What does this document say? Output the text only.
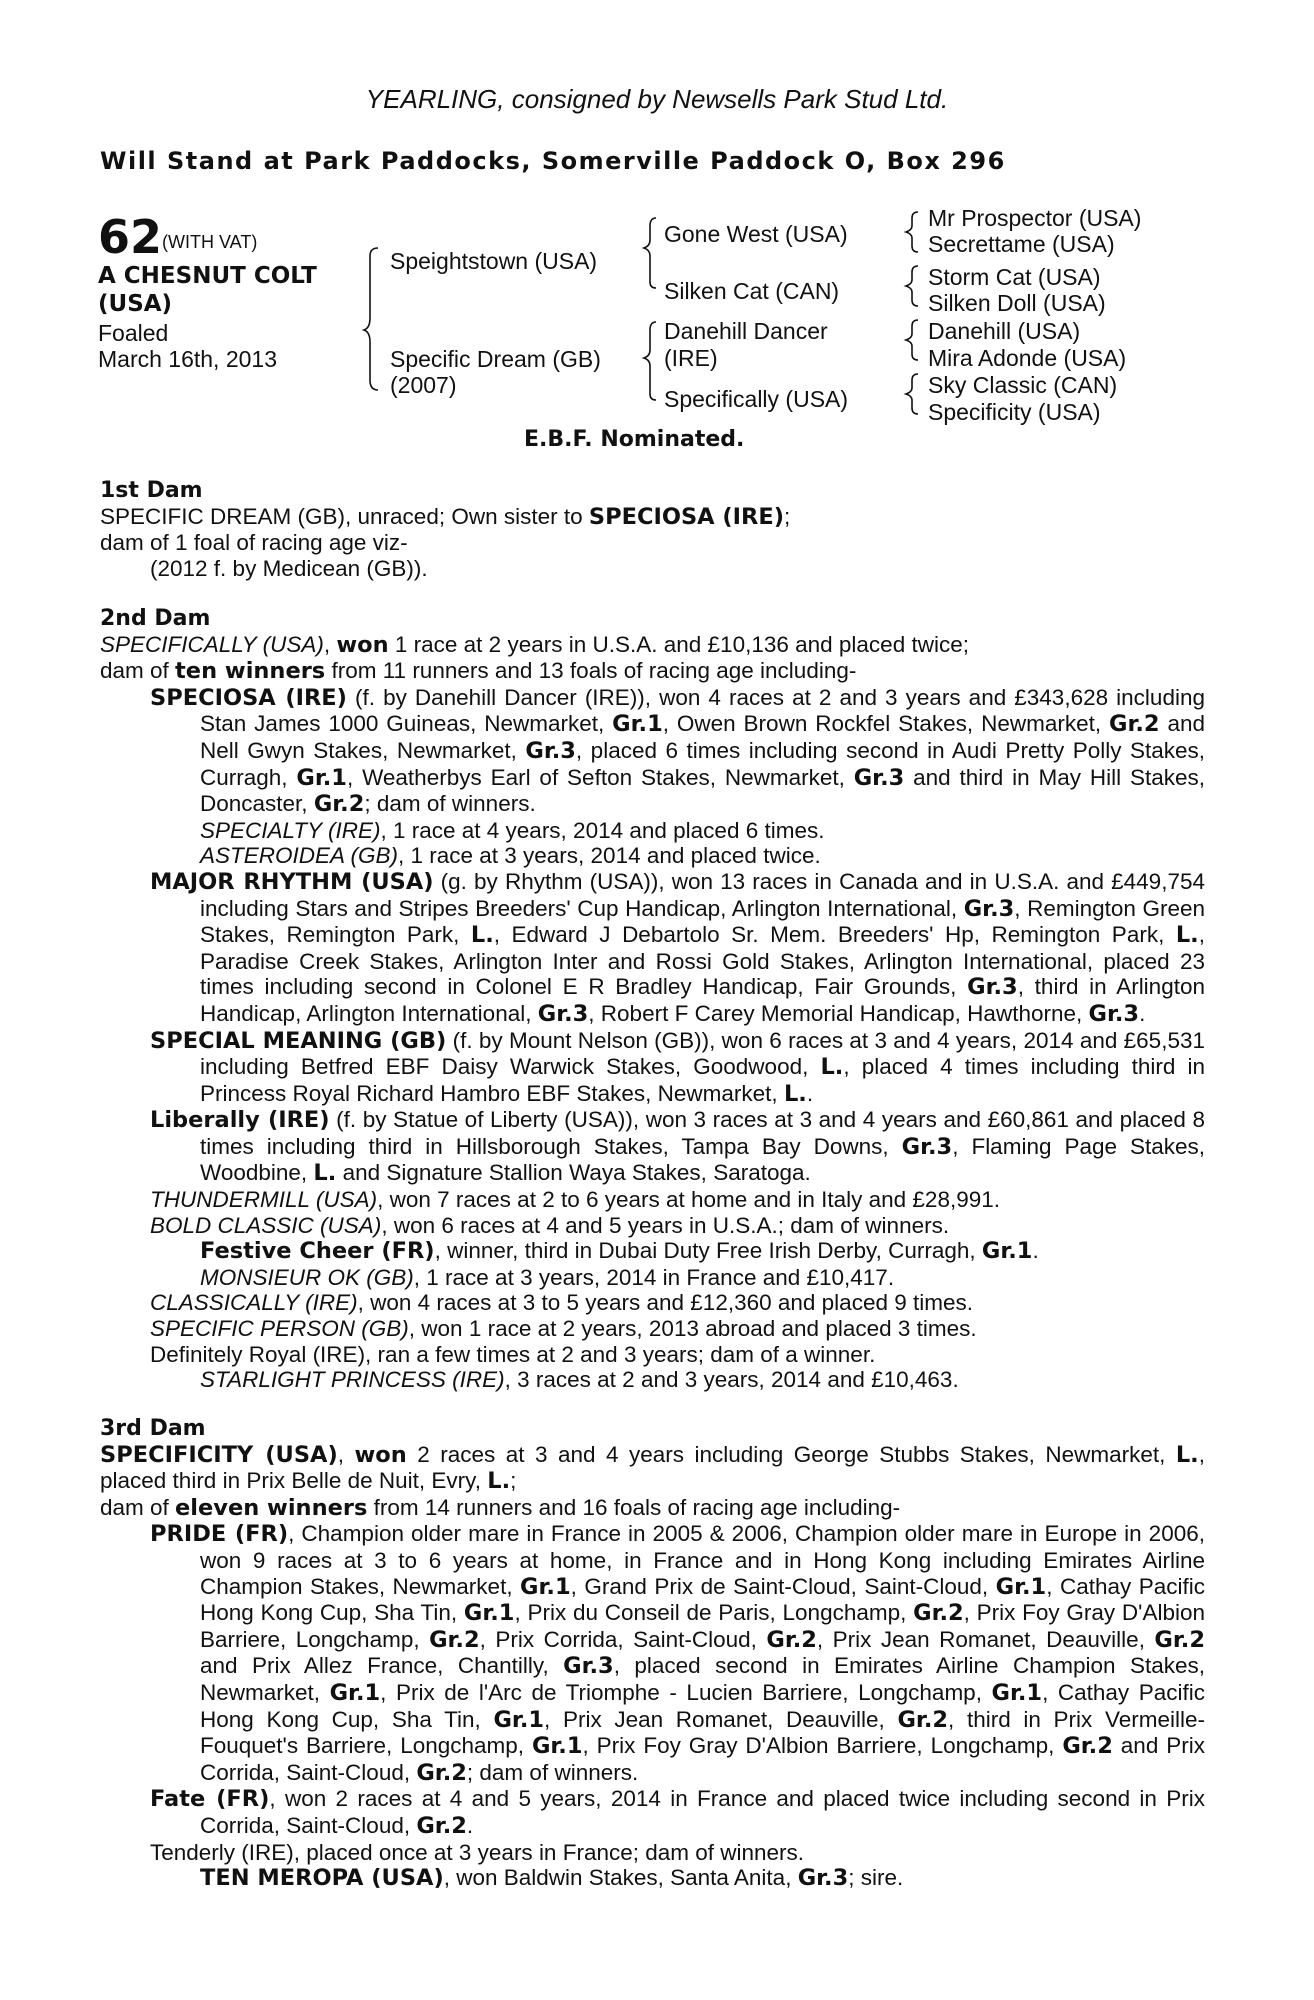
YEARLING, consigned by Newsells Park Stud Ltd.
Will Stand at Park Paddocks, Somerville Paddock O, Box 296
62 (WITH VAT)
A CHESNUT COLT
(USA)
Foaled
March 16th, 2013
Speightstown (USA)
Specific Dream (GB)
(2007)
Gone West (USA)
Silken Cat (CAN)
Danehill Dancer
(IRE)
Specifically (USA)
Mr Prospector (USA)
Secrettame (USA)
Storm Cat (USA)
Silken Doll (USA)
Danehill (USA)
Mira Adonde (USA)
Sky Classic (CAN)
Specificity (USA)
E.B.F. Nominated.

1st Dam

SPECIFIC DREAM (GB), unraced; Own sister to SPECIOSA (IRE);

dam of 1 foal of racing age viz-

(2012 f. by Medicean (GB)).

2nd Dam

SPECIFICALLY (USA), won 1 race at 2 years in U.S.A. and £10,136 and placed twice;

dam of ten winners from 11 runners and 13 foals of racing age including-

SPECIOSA (IRE) (f. by Danehill Dancer (IRE)), won 4 races at 2 and 3 years and £343,628 including Stan James 1000 Guineas, Newmarket, Gr.1, Owen Brown Rockfel Stakes, Newmarket, Gr.2 and Nell Gwyn Stakes, Newmarket, Gr.3, placed 6 times including second in Audi Pretty Polly Stakes, Curragh, Gr.1, Weatherbys Earl of Sefton Stakes, Newmarket, Gr.3 and third in May Hill Stakes, Doncaster, Gr.2; dam of winners.

SPECIALTY (IRE), 1 race at 4 years, 2014 and placed 6 times.

ASTEROIDEA (GB), 1 race at 3 years, 2014 and placed twice.

MAJOR RHYTHM (USA) (g. by Rhythm (USA)), won 13 races in Canada and in U.S.A. and £449,754 including Stars and Stripes Breeders' Cup Handicap, Arlington International, Gr.3, Remington Green Stakes, Remington Park, L., Edward J Debartolo Sr. Mem. Breeders' Hp, Remington Park, L., Paradise Creek Stakes, Arlington Inter and Rossi Gold Stakes, Arlington International, placed 23 times including second in Colonel E R Bradley Handicap, Fair Grounds, Gr.3, third in Arlington Handicap, Arlington International, Gr.3, Robert F Carey Memorial Handicap, Hawthorne, Gr.3.

SPECIAL MEANING (GB) (f. by Mount Nelson (GB)), won 6 races at 3 and 4 years, 2014 and £65,531 including Betfred EBF Daisy Warwick Stakes, Goodwood, L., placed 4 times including third in Princess Royal Richard Hambro EBF Stakes, Newmarket, L..

Liberally (IRE) (f. by Statue of Liberty (USA)), won 3 races at 3 and 4 years and £60,861 and placed 8 times including third in Hillsborough Stakes, Tampa Bay Downs, Gr.3, Flaming Page Stakes, Woodbine, L. and Signature Stallion Waya Stakes, Saratoga.

THUNDERMILL (USA), won 7 races at 2 to 6 years at home and in Italy and £28,991.

BOLD CLASSIC (USA), won 6 races at 4 and 5 years in U.S.A.; dam of winners.

Festive Cheer (FR), winner, third in Dubai Duty Free Irish Derby, Curragh, Gr.1.

MONSIEUR OK (GB), 1 race at 3 years, 2014 in France and £10,417.

CLASSICALLY (IRE), won 4 races at 3 to 5 years and £12,360 and placed 9 times.

SPECIFIC PERSON (GB), won 1 race at 2 years, 2013 abroad and placed 3 times.

Definitely Royal (IRE), ran a few times at 2 and 3 years; dam of a winner.

STARLIGHT PRINCESS (IRE), 3 races at 2 and 3 years, 2014 and £10,463.

3rd Dam

SPECIFICITY (USA), won 2 races at 3 and 4 years including George Stubbs Stakes, Newmarket, L., placed third in Prix Belle de Nuit, Evry, L.;

dam of eleven winners from 14 runners and 16 foals of racing age including-

PRIDE (FR), Champion older mare in France in 2005 & 2006, Champion older mare in Europe in 2006, won 9 races at 3 to 6 years at home, in France and in Hong Kong including Emirates Airline Champion Stakes, Newmarket, Gr.1, Grand Prix de Saint-Cloud, Saint-Cloud, Gr.1, Cathay Pacific Hong Kong Cup, Sha Tin, Gr.1, Prix du Conseil de Paris, Longchamp, Gr.2, Prix Foy Gray D'Albion Barriere, Longchamp, Gr.2, Prix Corrida, Saint-Cloud, Gr.2, Prix Jean Romanet, Deauville, Gr.2 and Prix Allez France, Chantilly, Gr.3, placed second in Emirates Airline Champion Stakes, Newmarket, Gr.1, Prix de l'Arc de Triomphe - Lucien Barriere, Longchamp, Gr.1, Cathay Pacific Hong Kong Cup, Sha Tin, Gr.1, Prix Jean Romanet, Deauville, Gr.2, third in Prix Vermeille-Fouquet's Barriere, Longchamp, Gr.1, Prix Foy Gray D'Albion Barriere, Longchamp, Gr.2 and Prix Corrida, Saint-Cloud, Gr.2; dam of winners.

Fate (FR), won 2 races at 4 and 5 years, 2014 in France and placed twice including second in Prix Corrida, Saint-Cloud, Gr.2.

Tenderly (IRE), placed once at 3 years in France; dam of winners.

TEN MEROPA (USA), won Baldwin Stakes, Santa Anita, Gr.3; sire.
